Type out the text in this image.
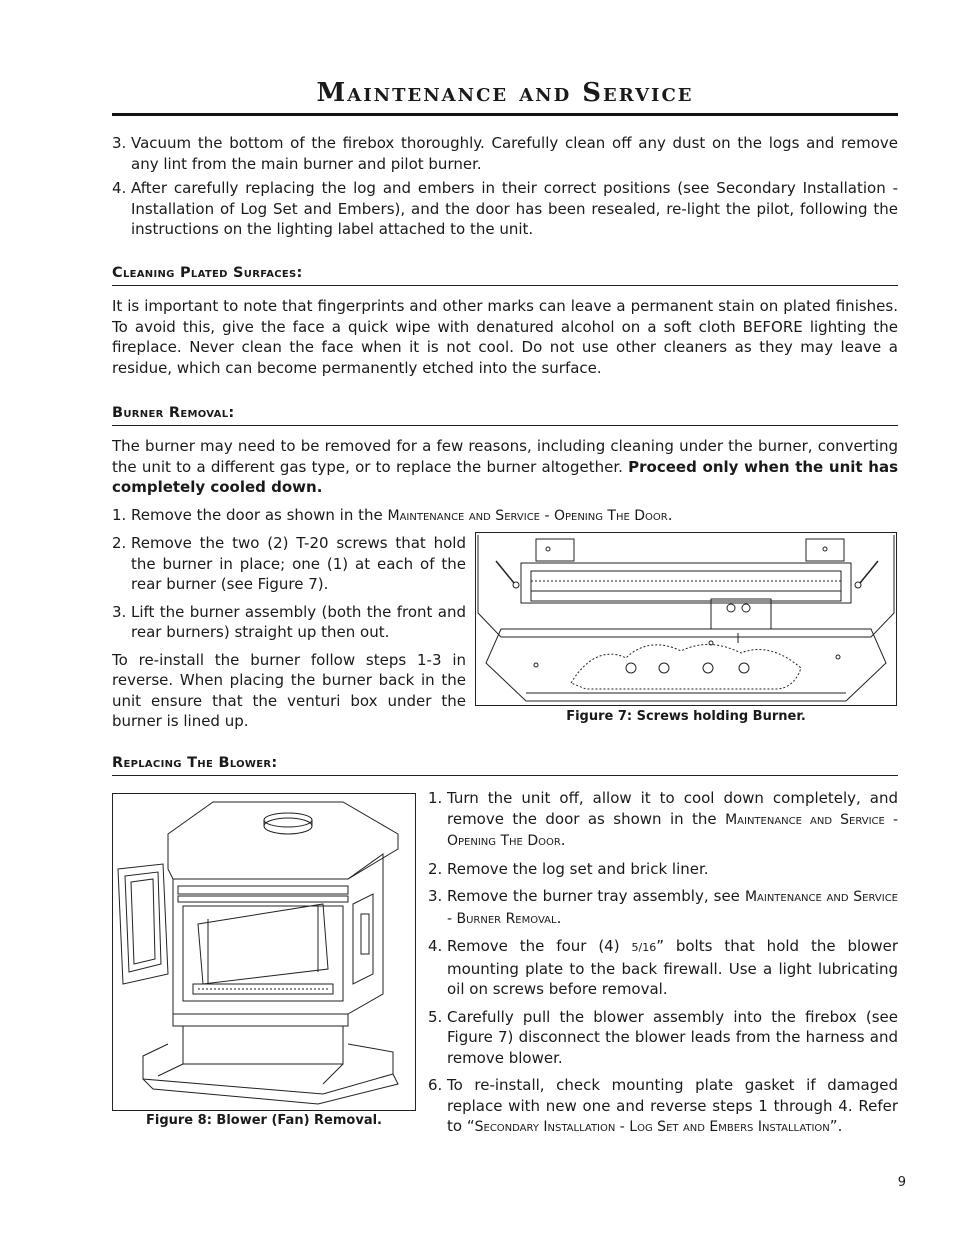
Maintenance and Service
3. Vacuum the bottom of the firebox thoroughly. Carefully clean off any dust on the logs and remove any lint from the main burner and pilot burner.
4. After carefully replacing the log and embers in their correct positions (see Secondary Installation - Installation of Log Set and Embers), and the door has been resealed, re-light the pilot, following the instructions on the lighting label attached to the unit.
Cleaning Plated Surfaces:
It is important to note that fingerprints and other marks can leave a permanent stain on plated finishes. To avoid this, give the face a quick wipe with denatured alcohol on a soft cloth BEFORE lighting the fireplace. Never clean the face when it is not cool. Do not use other cleaners as they may leave a residue, which can become permanently etched into the surface.
Burner Removal:
The burner may need to be removed for a few reasons, including cleaning under the burner, converting the unit to a different gas type, or to replace the burner altogether. Proceed only when the unit has completely cooled down.
1. Remove the door as shown in the Maintenance and Service - Opening The Door.
2. Remove the two (2) T-20 screws that hold the burner in place; one (1) at each of the rear burner (see Figure 7).
3. Lift the burner assembly (both the front and rear burners) straight up then out.
To re-install the burner follow steps 1-3 in reverse. When placing the burner back in the unit ensure that the venturi box under the burner is lined up.	Figure 7: Screws holding Burner.
Replacing The Blower:
Figure 8: Blower (Fan) Removal.
1. Turn the unit off, allow it to cool down completely, and remove the door as shown in the Maintenance and Service - Opening The Door.
2. Remove the log set and brick liner.
3. Remove the burner tray assembly, see Maintenance and Service - Burner Removal.
4. Remove the four (4) 5/16” bolts that hold the blower mounting plate to the back firewall. Use a light lubricating oil on screws before removal.
5. Carefully pull the blower assembly into the firebox (see Figure 7) disconnect the blower leads from the harness and remove blower.
6. To re-install, check mounting plate gasket if damaged replace with new one and reverse steps 1 through 4. Refer to “Secondary Installation - Log Set and Embers Installation”.
9
